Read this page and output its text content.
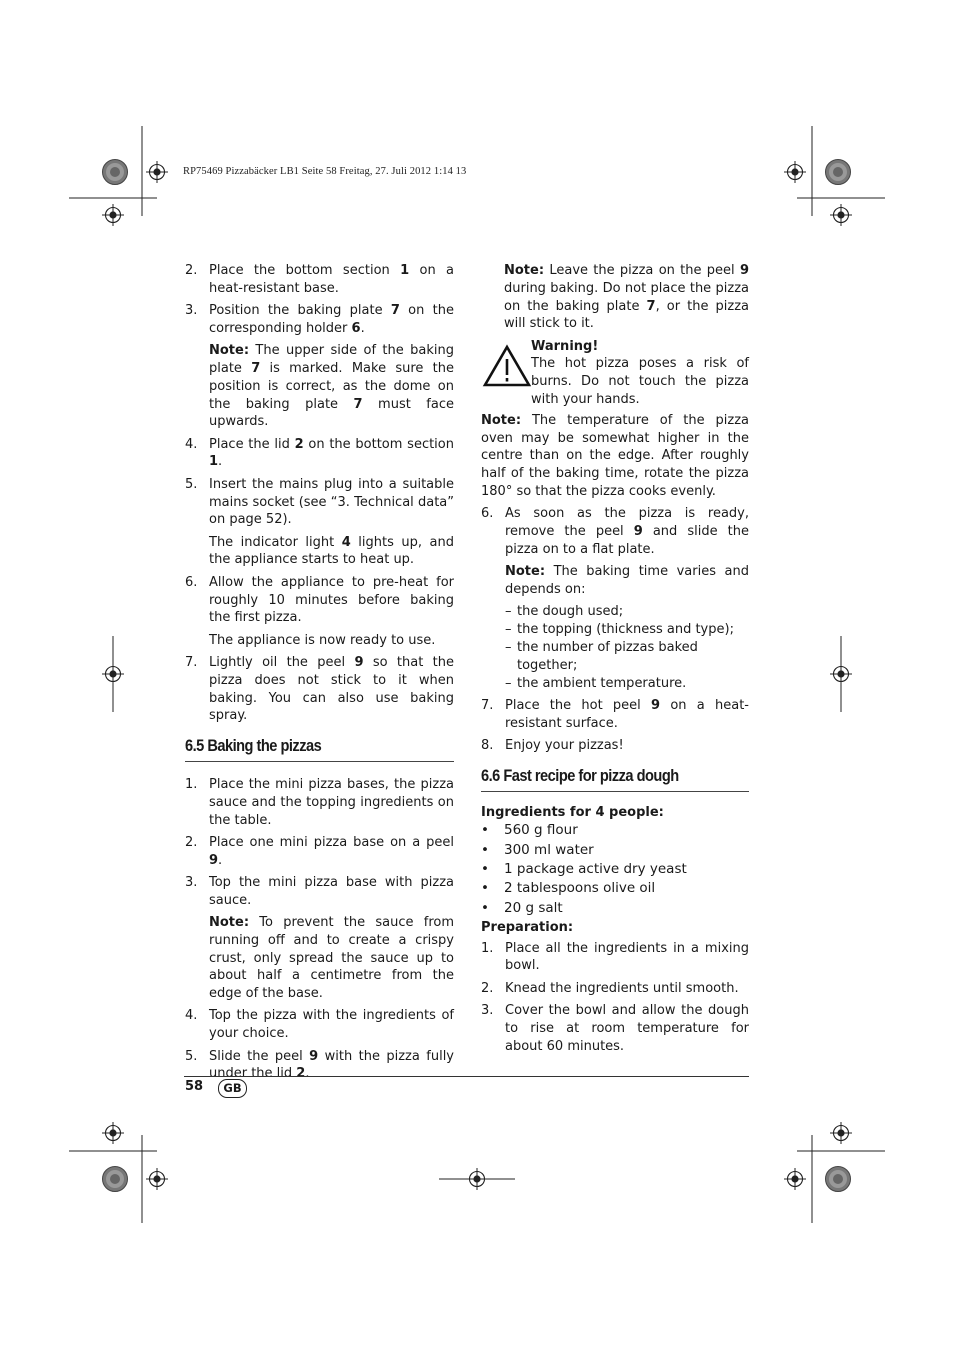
RP75469 Pizzabäcker LB1 Seite 58 Freitag, 27. Juli 2012 1:14 13
2. Place the bottom section 1 on a heat-resistant base.
3. Position the baking plate 7 on the corresponding holder 6.

Note: The upper side of the baking plate 7 is marked. Make sure the position is correct, as the dome on the baking plate 7 must face upwards.

4. Place the lid 2 on the bottom section 1.
5. Insert the mains plug into a suitable mains socket (see “3. Technical data” on page 52).

The indicator light 4 lights up, and the appliance starts to heat up.

6. Allow the appliance to pre-heat for roughly 10 minutes before baking the first pizza.

The appliance is now ready to use.

7. Lightly oil the peel 9 so that the pizza does not stick to it when baking. You can also use baking spray.
6.5 Baking the pizzas
1. Place the mini pizza bases, the pizza sauce and the topping ingredients on the table.
2. Place one mini pizza base on a peel 9.
3. Top the mini pizza base with pizza sauce.

Note: To prevent the sauce from running off and to create a crispy crust, only spread the sauce up to about half a centimetre from the edge of the base.

4. Top the pizza with the ingredients of your choice.
5. Slide the peel 9 with the pizza fully under the lid 2.

Note: Leave the pizza on the peel 9 during baking. Do not place the pizza on the baking plate 7, or the pizza will stick to it.

Warning!
The hot pizza poses a risk of burns. Do not touch the pizza with your hands.

Note: The temperature of the pizza oven may be somewhat higher in the centre than on the edge. After roughly half of the baking time, rotate the pizza 180° so that the pizza cooks evenly.

6. As soon as the pizza is ready, remove the peel 9 and slide the pizza on to a flat plate.

Note: The baking time varies and depends on:

– the dough used;
– the topping (thickness and type);
– the number of pizzas baked together;
– the ambient temperature.
7. Place the hot peel 9 on a heat-resistant surface.
8. Enjoy your pizzas!
6.6 Fast recipe for pizza dough
Ingredients for 4 people:
•	560 g flour
•	300 ml water
•	1 package active dry yeast
•	2 tablespoons olive oil
•	20 g salt
Preparation:
1. Place all the ingredients in a mixing bowl.
2. Knead the ingredients until smooth.
3. Cover the bowl and allow the dough to rise at room temperature for about 60 minutes.
58	GB
